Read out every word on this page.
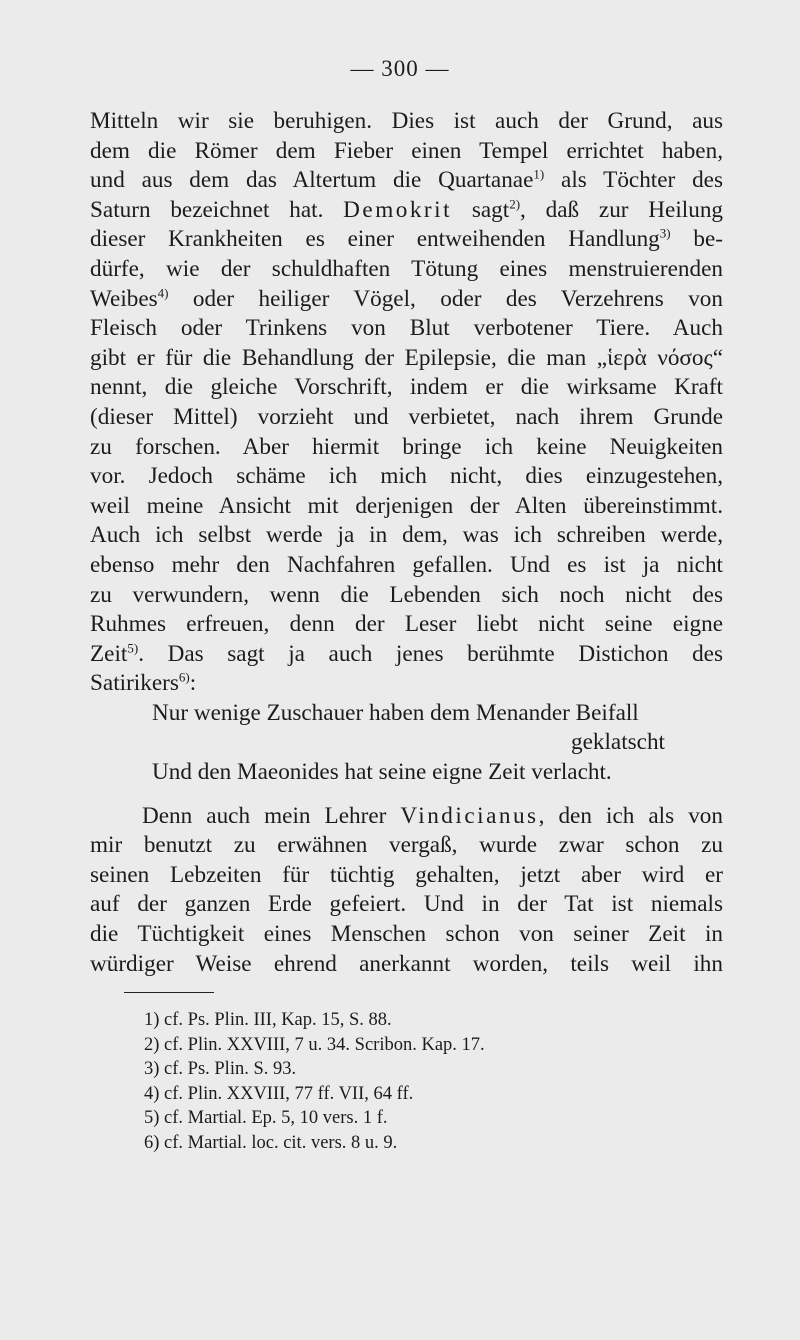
— 300 —
Mitteln wir sie beruhigen. Dies ist auch der Grund, aus
dem die Römer dem Fieber einen Tempel errichtet haben,
und aus dem das Altertum die Quartanae$^{1)}$ als Töchter des
Saturn bezeichnet hat. Demokrit sagt$^{2)}$, daß zur Heilung
dieser Krankheiten es einer entweihenden Handlung$^{3)}$ be-
dürfe, wie der schuldhaften Tötung eines menstruierenden
Weibes$^{4)}$ oder heiliger Vögel, oder des Verzehrens von
Fleisch oder Trinkens von Blut verbotener Tiere. Auch
gibt er für die Behandlung der Epilepsie, die man „ἱερὰ νόσος“
nennt, die gleiche Vorschrift, indem er die wirksame Kraft
(dieser Mittel) vorzieht und verbietet, nach ihrem Grunde
zu forschen. Aber hiermit bringe ich keine Neuigkeiten
vor. Jedoch schäme ich mich nicht, dies einzugestehen,
weil meine Ansicht mit derjenigen der Alten übereinstimmt.
Auch ich selbst werde ja in dem, was ich schreiben werde,
ebenso mehr den Nachfahren gefallen. Und es ist ja nicht
zu verwundern, wenn die Lebenden sich noch nicht des
Ruhmes erfreuen, denn der Leser liebt nicht seine eigne
Zeit$^{5)}$. Das sagt ja auch jenes berühmte Distichon des
Satirikers$^{6)}$:
Nur wenige Zuschauer haben dem Menander Beifall
geklatscht
Und den Maeonides hat seine eigne Zeit verlacht.
Denn auch mein Lehrer Vindicianus, den ich als von
mir benutzt zu erwähnen vergaß, wurde zwar schon zu
seinen Lebzeiten für tüchtig gehalten, jetzt aber wird er
auf der ganzen Erde gefeiert. Und in der Tat ist niemals
die Tüchtigkeit eines Menschen schon von seiner Zeit in
würdiger Weise ehrend anerkannt worden, teils weil ihn
1) cf. Ps. Plin. III, Kap. 15, S. 88.
2) cf. Plin. XXVIII, 7 u. 34. Scribon. Kap. 17.
3) cf. Ps. Plin. S. 93.
4) cf. Plin. XXVIII, 77 ff. VII, 64 ff.
5) cf. Martial. Ep. 5, 10 vers. 1 f.
6) cf. Martial. loc. cit. vers. 8 u. 9.
